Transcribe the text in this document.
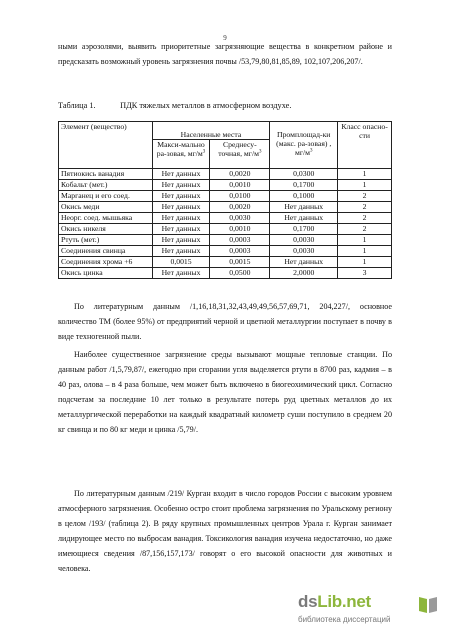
9

ными аэрозолями, выявить приоритетные загрязняющие вещества в конкретном районе и предсказать возможный уровень загрязнения почвы /53,79,80,81,85,89, 102,107,206,207/.

Таблица 1.	ПДК тяжелых металлов в атмосферном воздухе.
Элемент (вещество)	Населенные места		Промплощад-ки (макс. ра-зовая) , $мг/м^3$	Класс опасно-сти
	Макси-мально ра-зовая, $мг/м^3$	Среднесу-точная, $мг/м^3$
Пятиокись ванадия	Нет данных	0,0020	0,0300	1
Кобальт (мет.)	Нет данных	0,0010	0,1700	1
Марганец и его соед.	Нет данных	0,0100	0,1000	2
Окись меди	Нет данных	0,0020	Нет данных	2
Неорг. соед. мышьяка	Нет данных	0,0030	Нет данных	2
Окись никеля	Нет данных	0,0010	0,1700	2
Ртуть (мет.)	Нет данных	0,0003	0,0030	1
Соединения свинца	Нет данных	0,0003	0,0030	1
Соединения хрома +6	0,0015	0,0015	Нет данных	1
Окись цинка	Нет данных	0,0500	2,0000	3

По литературным данным /1,16,18,31,32,43,49,49,56,57,69,71, 204,227/, основное количество ТМ (более 95%) от предприятий черной и цветной металлургии поступает в почву в виде техногенной пыли.

Наиболее существенное загрязнение среды вызывают мощные тепловые станции. По данным работ /1,5,79,87/, ежегодно при сгорании угля выделяется ртути в 8700 раз, кадмия – в 40 раз, олова – в 4 раза больше, чем может быть включено в биогеохимический цикл. Согласно подсчетам за последние 10 лет только в результате потерь руд цветных металлов до их металлургической переработки на каждый квадратный километр суши поступило в среднем 20 кг свинца и по 80 кг меди и цинка /5,79/.

По литературным данным /219/ Курган входит в число городов России с высоким уровнем атмосферного загрязнения. Особенно остро стоит проблема загрязнения по Уральскому региону в целом /193/ (таблица 2). В ряду крупных промышленных центров Урала г. Курган занимает лидирующее место по выбросам ванадия. Токсикология ванадия изучена недостаточно, но даже имеющиеся сведения /87,156,157,173/ говорят о его высокой опасности для животных и человека.

dsLib.net
библиотека диссертаций
